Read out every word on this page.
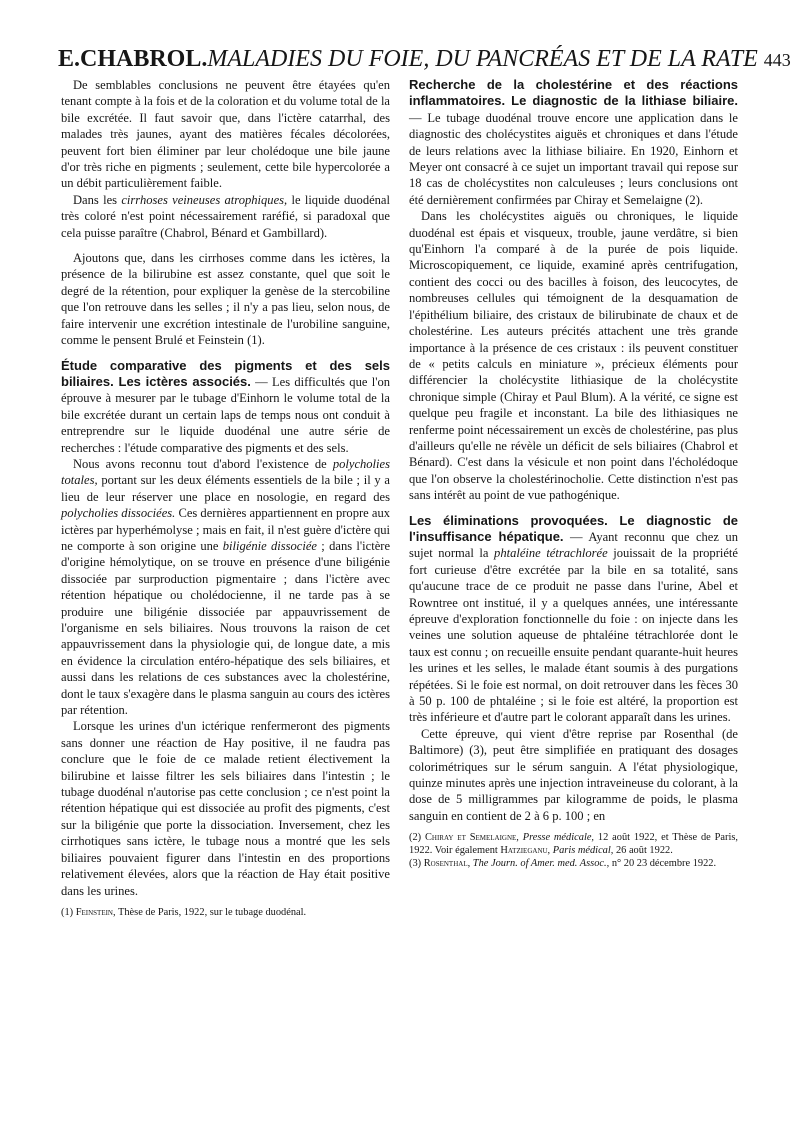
E.CHABROL.MALADIES DU FOIE, DU PANCRÉAS ET DE LA RATE 443

De semblables conclusions ne peuvent être étayées qu'en tenant compte à la fois et de la coloration et du volume total de la bile excrétée. Il faut savoir que, dans l'ictère catarrhal, des malades très jaunes, ayant des matières fécales décolorées, peuvent fort bien éliminer par leur cholédoque une bile jaune d'or très riche en pigments ; seulement, cette bile hypercolorée a un débit particulièrement faible.

Dans les cirrhoses veineuses atrophiques, le liquide duodénal très coloré n'est point nécessairement raréfié, si paradoxal que cela puisse paraître (Chabrol, Bénard et Gambillard).

Ajoutons que, dans les cirrhoses comme dans les ictères, la présence de la bilirubine est assez constante, quel que soit le degré de la rétention, pour expliquer la genèse de la stercobiline que l'on retrouve dans les selles ; il n'y a pas lieu, selon nous, de faire intervenir une excrétion intestinale de l'urobiline sanguine, comme le pensent Brulé et Feinstein (1).

Étude comparative des pigments et des sels biliaires. Les ictères associés. — Les difficultés que l'on éprouve à mesurer par le tubage d'Einhorn le volume total de la bile excrétée durant un certain laps de temps nous ont conduit à entreprendre sur le liquide duodénal une autre série de recherches : l'étude comparative des pigments et des sels.

Nous avons reconnu tout d'abord l'existence de polycholies totales, portant sur les deux éléments essentiels de la bile ; il y a lieu de leur réserver une place en nosologie, en regard des polycholies dissociées. Ces dernières appartiennent en propre aux ictères par hyperhémolyse ; mais en fait, il n'est guère d'ictère qui ne comporte à son origine une biligénie dissociée ; dans l'ictère d'origine hémolytique, on se trouve en présence d'une biligénie dissociée par surproduction pigmentaire ; dans l'ictère avec rétention hépatique ou cholédocienne, il ne tarde pas à se produire une biligénie dissociée par appauvrissement de l'organisme en sels biliaires. Nous trouvons la raison de cet appauvrissement dans la physiologie qui, de longue date, a mis en évidence la circulation entéro-hépatique des sels biliaires, et aussi dans les relations de ces substances avec la cholestérine, dont le taux s'exagère dans le plasma sanguin au cours des ictères par rétention.

Lorsque les urines d'un ictérique renfermeront des pigments sans donner une réaction de Hay positive, il ne faudra pas conclure que le foie de ce malade retient électivement la bilirubine et laisse filtrer les sels biliaires dans l'intestin ; le tubage duodénal n'autorise pas cette conclusion ; ce n'est point la rétention hépatique qui est dissociée au profit des pigments, c'est sur la biligénie que porte la dissociation. Inversement, chez les cirrhotiques sans ictère, le tubage nous a montré que les sels biliaires pouvaient figurer dans l'intestin en des proportions relativement élevées, alors que la réaction de Hay était positive dans les urines.

(1) Feinstein, Thèse de Paris, 1922, sur le tubage duodénal.

Recherche de la cholestérine et des réactions inflammatoires. Le diagnostic de la lithiase biliaire. — Le tubage duodénal trouve encore une application dans le diagnostic des cholécystites aiguës et chroniques et dans l'étude de leurs relations avec la lithiase biliaire. En 1920, Einhorn et Meyer ont consacré à ce sujet un important travail qui repose sur 18 cas de cholécystites non calculeuses ; leurs conclusions ont été dernièrement confirmées par Chiray et Semelaigne (2).

Dans les cholécystites aiguës ou chroniques, le liquide duodénal est épais et visqueux, trouble, jaune verdâtre, si bien qu'Einhorn l'a comparé à de la purée de pois liquide. Microscopiquement, ce liquide, examiné après centrifugation, contient des cocci ou des bacilles à foison, des leucocytes, de nombreuses cellules qui témoignent de la desquamation de l'épithélium biliaire, des cristaux de bilirubinate de chaux et de cholestérine. Les auteurs précités attachent une très grande importance à la présence de ces cristaux : ils peuvent constituer de « petits calculs en miniature », précieux éléments pour différencier la cholécystite lithiasique de la cholécystite chronique simple (Chiray et Paul Blum). A la vérité, ce signe est quelque peu fragile et inconstant. La bile des lithiasiques ne renferme point nécessairement un excès de cholestérine, pas plus d'ailleurs qu'elle ne révèle un déficit de sels biliaires (Chabrol et Bénard). C'est dans la vésicule et non point dans l'écholédoque que l'on observe la cholestérinocholie. Cette distinction n'est pas sans intérêt au point de vue pathogénique.

Les éliminations provoquées. Le diagnostic de l'insuffisance hépatique. — Ayant reconnu que chez un sujet normal la phtaléine tétrachlorée jouissait de la propriété fort curieuse d'être excrétée par la bile en sa totalité, sans qu'aucune trace de ce produit ne passe dans l'urine, Abel et Rowntree ont institué, il y a quelques années, une intéressante épreuve d'exploration fonctionnelle du foie : on injecte dans les veines une solution aqueuse de phtaléine tétrachlorée dont le taux est connu ; on recueille ensuite pendant quarante-huit heures les urines et les selles, le malade étant soumis à des purgations répétées. Si le foie est normal, on doit retrouver dans les fèces 30 à 50 p. 100 de phtaléine ; si le foie est altéré, la proportion est très inférieure et d'autre part le colorant apparaît dans les urines.

Cette épreuve, qui vient d'être reprise par Rosenthal (de Baltimore) (3), peut être simplifiée en pratiquant des dosages colorimétriques sur le sérum sanguin. A l'état physiologique, quinze minutes après une injection intraveineuse du colorant, à la dose de 5 milligrammes par kilogramme de poids, le plasma sanguin en contient de 2 à 6 p. 100 ; en

(2) Chiray et Semelaigne, Presse médicale, 12 août 1922, et Thèse de Paris, 1922. Voir également Hatzieganu, Paris médical, 26 août 1922.

(3) Rosenthal, The Journ. of Amer. med. Assoc., n° 20 23 décembre 1922.
